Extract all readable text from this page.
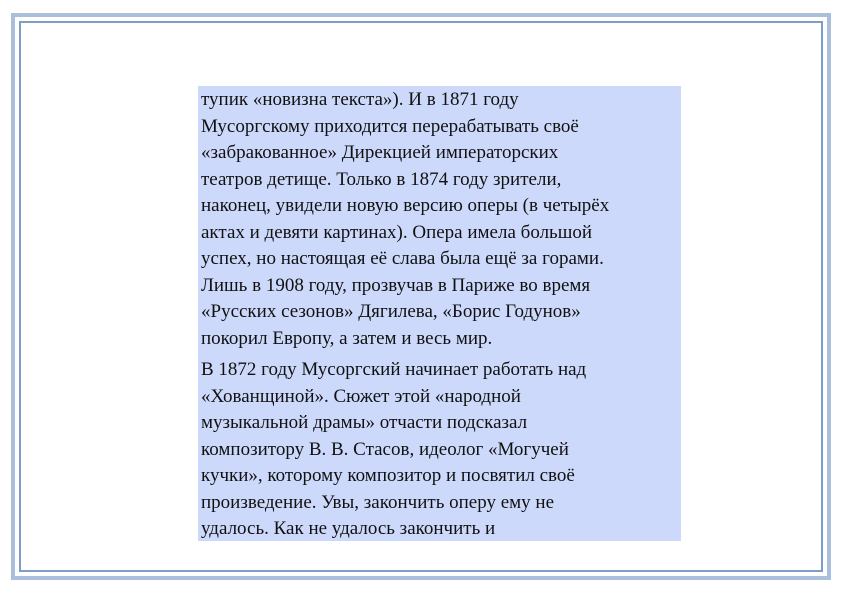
тупик «новизна текста»). И в 1871 году
Мусоргскому приходится перерабатывать своё
«забракованное» Дирекцией императорских
театров детище. Только в 1874 году зрители,
наконец, увидели новую версию оперы (в четырёх
актах и девяти картинах). Опера имела большой
успех, но настоящая её слава была ещё за горами.
Лишь в 1908 году, прозвучав в Париже во время
«Русских сезонов» Дягилева, «Борис Годунов»
покорил Европу, а затем и весь мир.

В 1872 году Мусоргский начинает работать над
«Хованщиной». Сюжет этой «народной
музыкальной драмы» отчасти подсказал
композитору В. В. Стасов, идеолог «Могучей
кучки», которому композитор и посвятил своё
произведение. Увы, закончить оперу ему не
удалось. Как не удалось закончить и
